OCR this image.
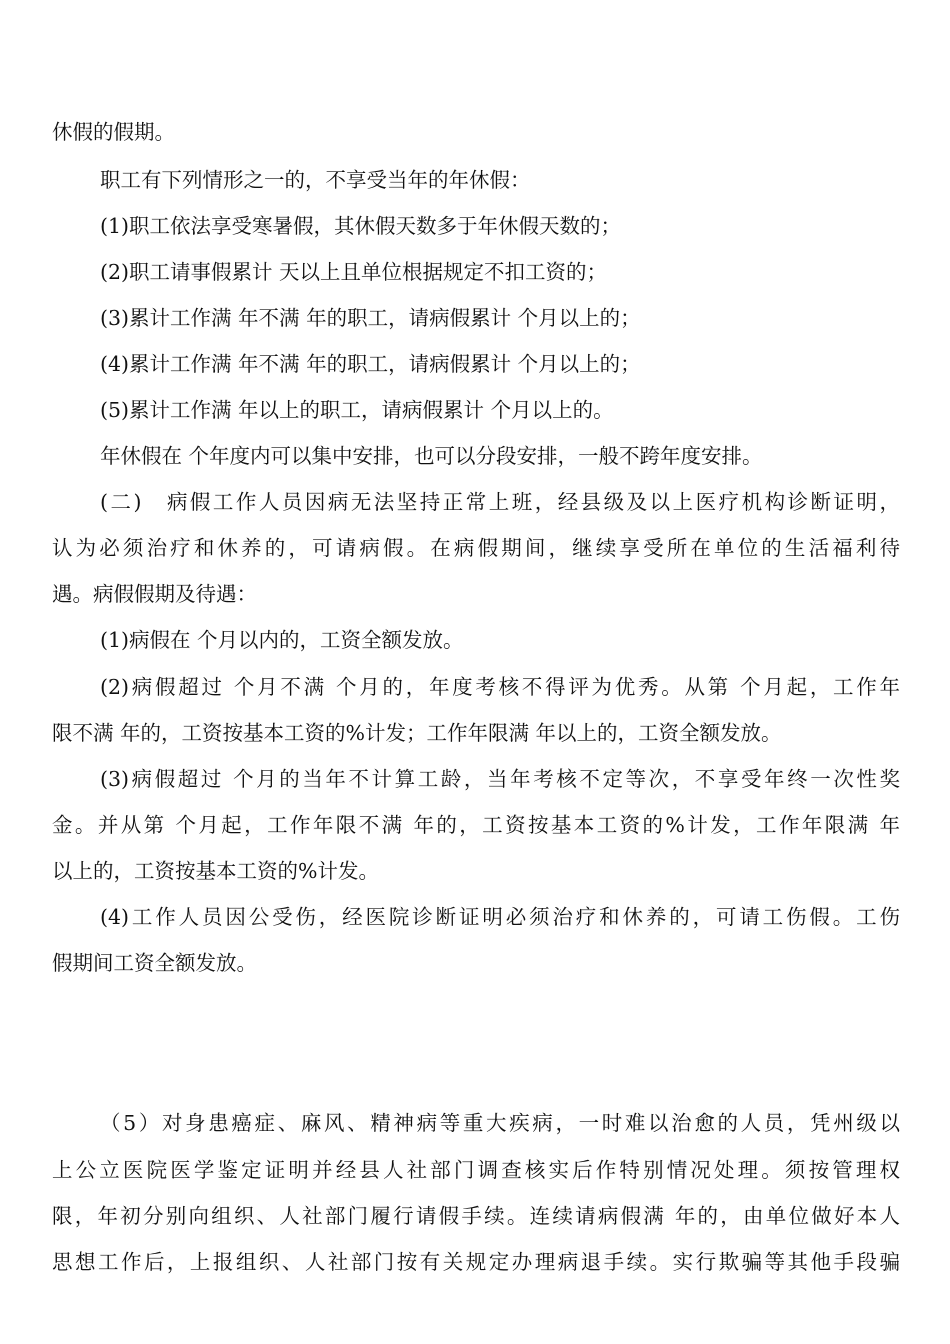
休假的假期。
职工有下列情形之一的，不享受当年的年休假：
(1)职工依法享受寒暑假，其休假天数多于年休假天数的；
(2)职工请事假累计 天以上且单位根据规定不扣工资的；
(3)累计工作满 年不满 年的职工，请病假累计 个月以上的；
(4)累计工作满 年不满 年的职工，请病假累计 个月以上的；
(5)累计工作满 年以上的职工，请病假累计 个月以上的。
年休假在 个年度内可以集中安排，也可以分段安排，一般不跨年度安排。
(二)　病假工作人员因病无法坚持正常上班，经县级及以上医疗机构诊断证明，
认为必须治疗和休养的，可请病假。在病假期间，继续享受所在单位的生活福利待
遇。病假假期及待遇：
(1)病假在 个月以内的，工资全额发放。
(2)病假超过 个月不满 个月的，年度考核不得评为优秀。从第 个月起，工作年
限不满 年的，工资按基本工资的%计发；工作年限满 年以上的，工资全额发放。
(3)病假超过 个月的当年不计算工龄，当年考核不定等次，不享受年终一次性奖
金。并从第 个月起，工作年限不满 年的，工资按基本工资的%计发，工作年限满 年
以上的，工资按基本工资的%计发。
(4)工作人员因公受伤，经医院诊断证明必须治疗和休养的，可请工伤假。工伤
假期间工资全额发放。
（5）对身患癌症、麻风、精神病等重大疾病，一时难以治愈的人员，凭州级以
上公立医院医学鉴定证明并经县人社部门调查核实后作特别情况处理。须按管理权
限，年初分别向组织、人社部门履行请假手续。连续请病假满 年的，由单位做好本人
思想工作后，上报组织、人社部门按有关规定办理病退手续。实行欺骗等其他手段骗
